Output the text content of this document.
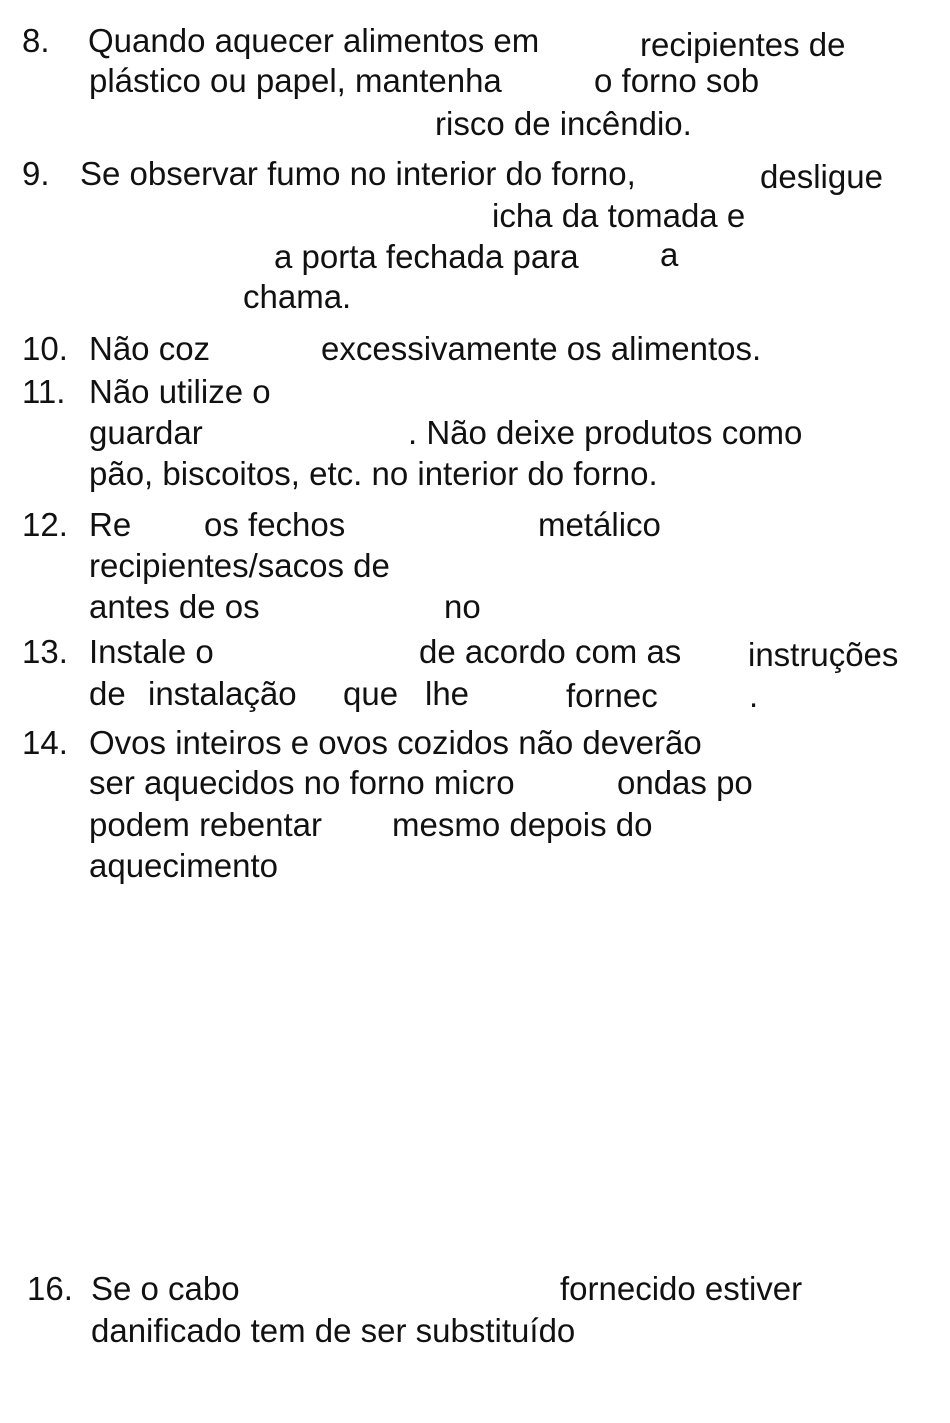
8. Quando aquecer alimentos em	recipientes de
plástico ou papel, mantenha	o forno sob
risco de incêndio.
9. Se observar fumo no interior do forno,	desligue
icha da tomada e
a porta fechada para a
chama.
10. Não coz	excessivamente os alimentos.
11. Não utilize o
guardar	. Não deixe produtos como
pão, biscoitos, etc. no interior do forno.
12. Re os fechos	metálico
recipientes/sacos de
antes de os	no
13. Instale o	de acordo com as instruções
de instalação que lhe	fornec	.
14. Ovos inteiros e ovos cozidos não deverão
ser aquecidos no forno micro	ondas po
podem rebentar mesmo depois do
aquecimento
16. Se o cabo	fornecido estiver
danificado tem de ser substituído
